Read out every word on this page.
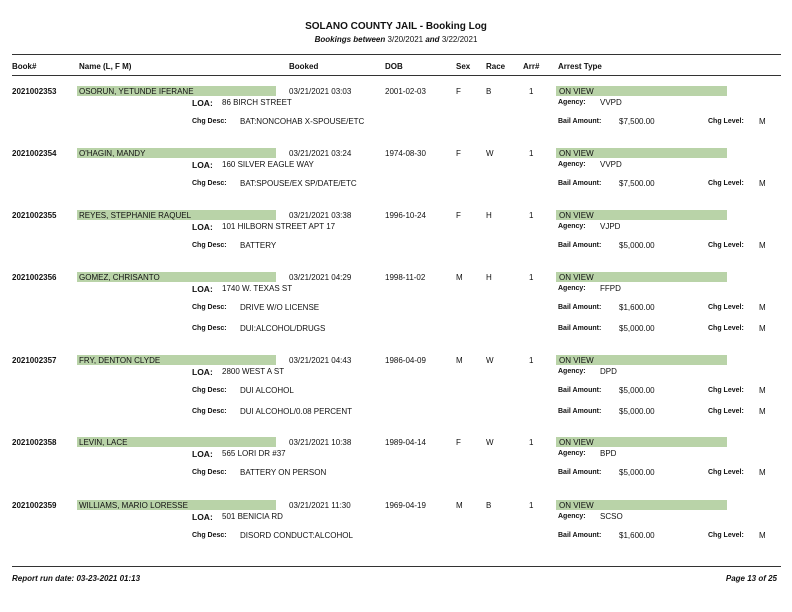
SOLANO COUNTY JAIL - Booking Log
Bookings between 3/20/2021 and 3/22/2021
Book#	Name (L, F M)	Booked	DOB	Sex Race Arr# Arrest Type
2021002353	OSORUN, YETUNDE IFERANE	03/21/2021 03:03	2001-02-03	F	B	1	ON VIEW
LOA: 86 BIRCH STREET	Agency: VVPD
Chg Desc: BAT:NONCOHAB X-SPOUSE/ETC	Bail Amount: $7,500.00	Chg Level: M
2021002354	O'HAGIN, MANDY	03/21/2021 03:24	1974-08-30	F	W	1	ON VIEW
LOA: 160 SILVER EAGLE WAY	Agency: VVPD
Chg Desc: BAT:SPOUSE/EX SP/DATE/ETC	Bail Amount: $7,500.00	Chg Level: M
2021002355	REYES, STEPHANIE RAQUEL	03/21/2021 03:38	1996-10-24	F	H	1	ON VIEW
LOA: 101 HILBORN STREET APT 17	Agency: VJPD
Chg Desc: BATTERY	Bail Amount: $5,000.00	Chg Level: M
2021002356	GOMEZ, CHRISANTO	03/21/2021 04:29	1998-11-02	M	H	1	ON VIEW
LOA: 1740 W. TEXAS ST	Agency: FFPD
Chg Desc: DRIVE W/O LICENSE	Bail Amount: $1,600.00	Chg Level: M
Chg Desc: DUI:ALCOHOL/DRUGS	Bail Amount: $5,000.00	Chg Level: M
2021002357	FRY, DENTON CLYDE	03/21/2021 04:43	1986-04-09	M	W	1	ON VIEW
LOA: 2800 WEST A ST	Agency: DPD
Chg Desc: DUI ALCOHOL	Bail Amount: $5,000.00	Chg Level: M
Chg Desc: DUI ALCOHOL/0.08 PERCENT	Bail Amount: $5,000.00	Chg Level: M
2021002358	LEVIN, LACE	03/21/2021 10:38	1989-04-14	F	W	1	ON VIEW
LOA: 565 LORI DR #37	Agency: BPD
Chg Desc: BATTERY ON PERSON	Bail Amount: $5,000.00	Chg Level: M
2021002359	WILLIAMS, MARIO LORESSE	03/21/2021 11:30	1969-04-19	M	B	1	ON VIEW
LOA: 501 BENICIA RD	Agency: SCSO
Chg Desc: DISORD CONDUCT:ALCOHOL	Bail Amount: $1,600.00	Chg Level: M
Report run date: 03-23-2021 01:13	Page 13 of 25
